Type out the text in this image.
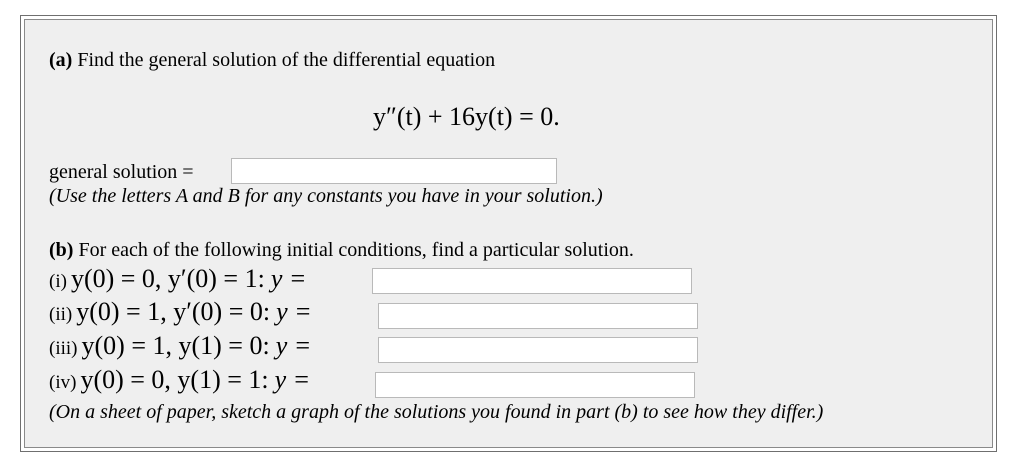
(a) Find the general solution of the differential equation
y″(t) + 16y(t) = 0.
general solution =
(Use the letters A and B for any constants you have in your solution.)
(b) For each of the following initial conditions, find a particular solution.
(i) y(0) = 0, y′(0) = 1: y =
(ii) y(0) = 1, y′(0) = 0: y =
(iii) y(0) = 1, y(1) = 0: y =
(iv) y(0) = 0, y(1) = 1: y =
(On a sheet of paper, sketch a graph of the solutions you found in part (b) to see how they differ.)
